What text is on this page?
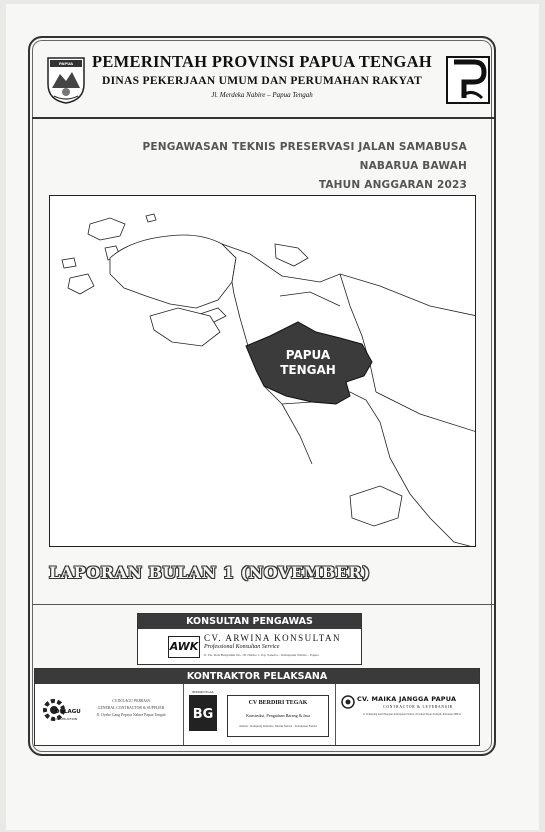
PAPUA TENGAH	PEMERINTAH PROVINSI PAPUA TENGAH
DINAS PEKERJAAN UMUM DAN PERUMAHAN RAKYAT
Jl. Merdeka Nabire – Papua Tengah
PENGAWASAN TEKNIS PRESERVASI JALAN SAMABUSA
NABARUA BAWAH
TAHUN ANGGARAN 2023
PAPUA
TENGAH
LAPORAN BULAN 1 (NOVEMBER)
KONSULTAN PENGAWAS
AWK
CV. ARWINA KONSULTAN
Professional Konsultan Service
Jl. Ds. Kali Bunyamin No. 18, Nabire 1, Kp. Sanoba – Kabupaten Nabire – Papua
KONTRAKTOR PELAKSANA
DULAGU
CONSTRUCTION
CV.DULAGU PERKASA
GENERAL CONTRACTOR & SUPPLIER
Jl. Oyehe Gang Pepaya Nabire Papua Tengah	BG
BERDIRI TEGAK
CV BERDIRI TEGAK
Konstruksi, Pengadaan Barang & Jasa
Alamat : Kampung Wadome, Distrik Nabire – Kabupaten Nabire
CV. MAIKA JANGGA PAPUA
CONTRACTOR & LEVERANSIR
Jl. Kampung Kali Harapan Kabupaten Nabire, Provinsi Papua Tengah, Indonesia 98811
